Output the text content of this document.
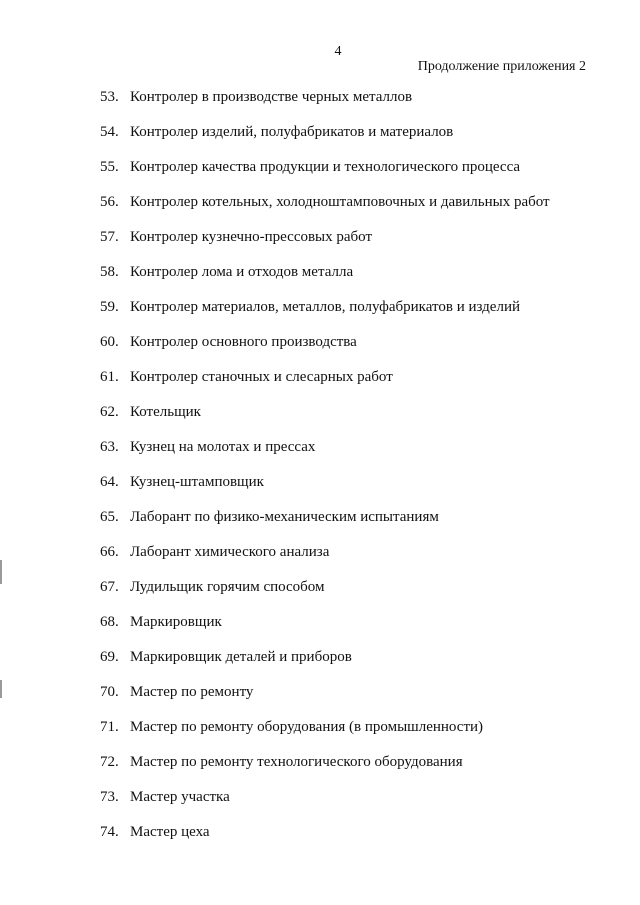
4
Продолжение приложения 2
53. Контролер в производстве черных металлов
54. Контролер изделий, полуфабрикатов и материалов
55. Контролер качества продукции и технологического процесса
56. Контролер котельных, холодноштамповочных и давильных работ
57. Контролер кузнечно-прессовых работ
58. Контролер лома и отходов металла
59. Контролер материалов, металлов, полуфабрикатов и изделий
60. Контролер основного производства
61. Контролер станочных и слесарных работ
62. Котельщик
63. Кузнец на молотах и прессах
64. Кузнец-штамповщик
65. Лаборант по физико-механическим испытаниям
66. Лаборант химического анализа
67. Лудильщик горячим способом
68. Маркировщик
69. Маркировщик деталей и приборов
70. Мастер по ремонту
71. Мастер по ремонту оборудования (в промышленности)
72. Мастер по ремонту технологического оборудования
73. Мастер участка
74. Мастер цеха
